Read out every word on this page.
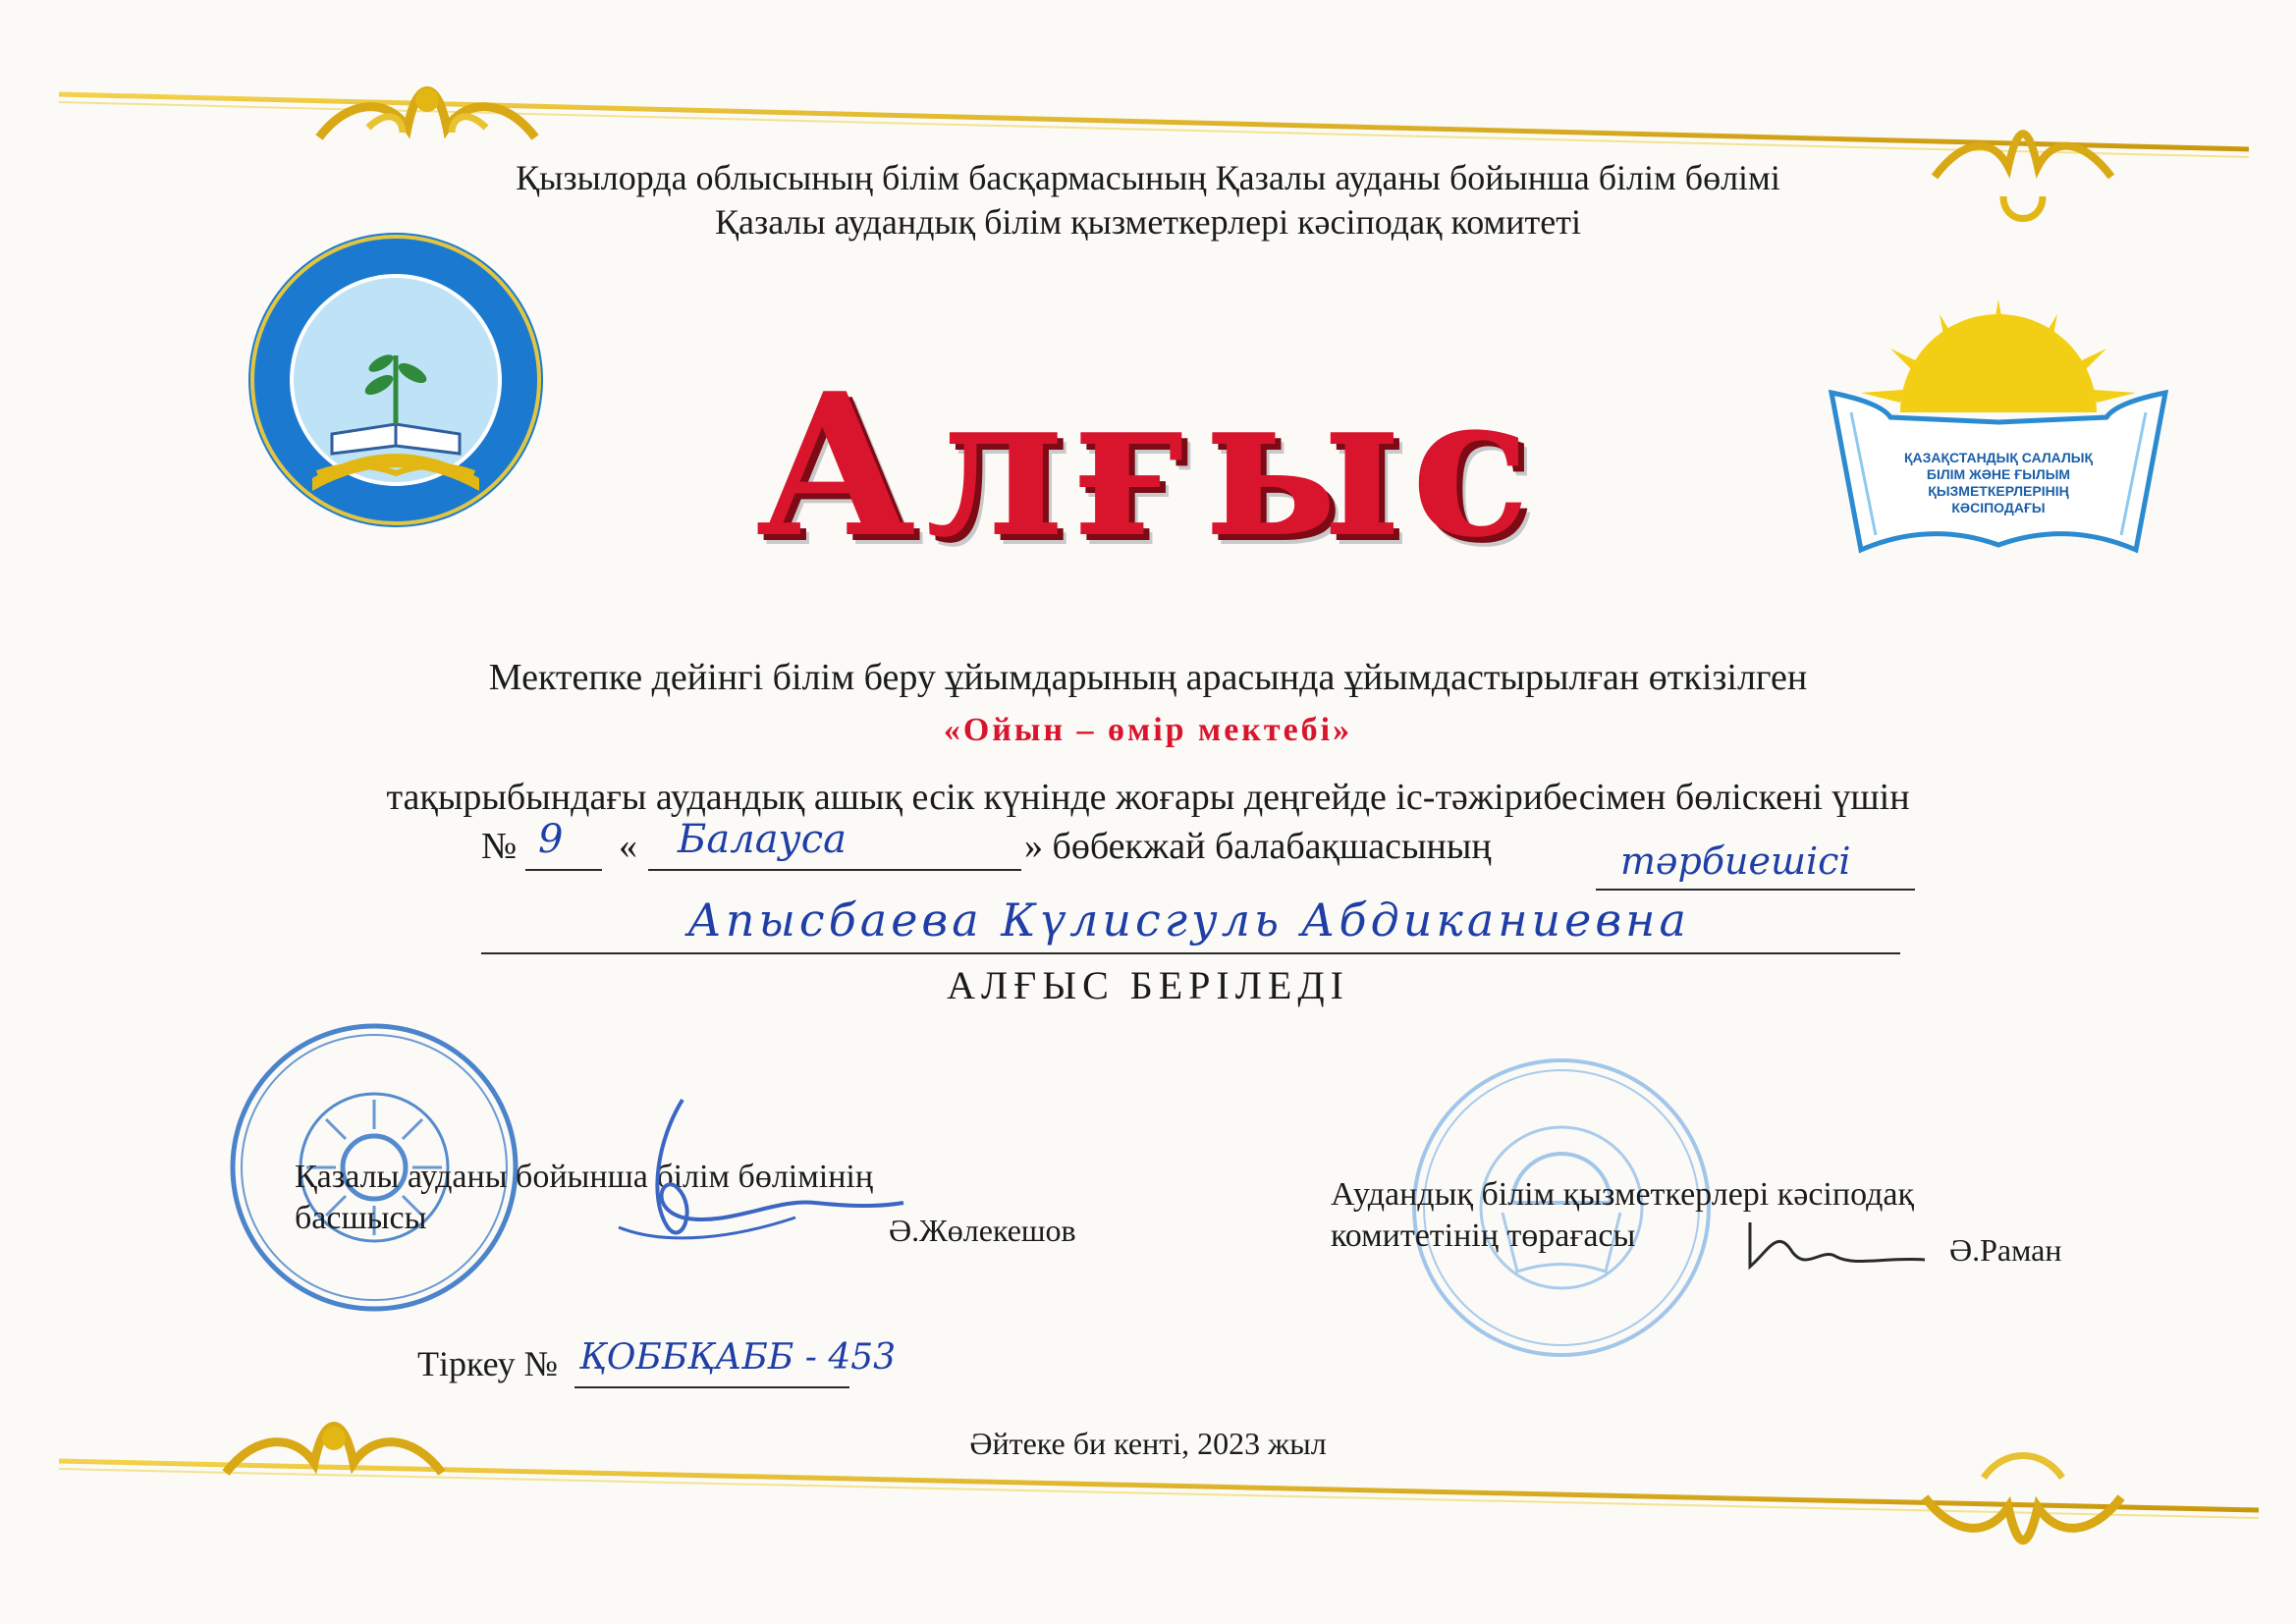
Қызылорда облысының білім басқармасының Қазалы ауданы бойынша білім бөлімі
Қазалы аудандық білім қызметкерлері кәсіподақ комитеті
ҚАЗАҚСТАНДЫҚ САЛАЛЫҚ
БІЛІМ ЖӘНЕ ҒЫЛЫМ
ҚЫЗМЕТКЕРЛЕРІНІҢ
КӘСІПОДАҒЫ
Алғыс
Мектепке дейінгі білім беру ұйымдарының арасында ұйымдастырылған өткізілген
«Ойын – өмір мектебі»
тақырыбындағы аудандық ашық есік күнінде жоғары деңгейде іс-тәжірибесімен бөліскені үшін
№ 9 « Балауса	» бөбекжай балабақшасының	тәрбиешісі
Апысбаева Күлисгуль Абдиканиевна
АЛҒЫС БЕРІЛЕДІ
Қазалы ауданы бойынша білім бөлімінің
басшысы	Ә.Жөлекешов
Аудандық білім қызметкерлері кәсіподақ
комитетінің төрағасы	Ә.Раман
Тіркеу № ҚОББҚАББ - 453
Әйтеке би кенті, 2023 жыл
